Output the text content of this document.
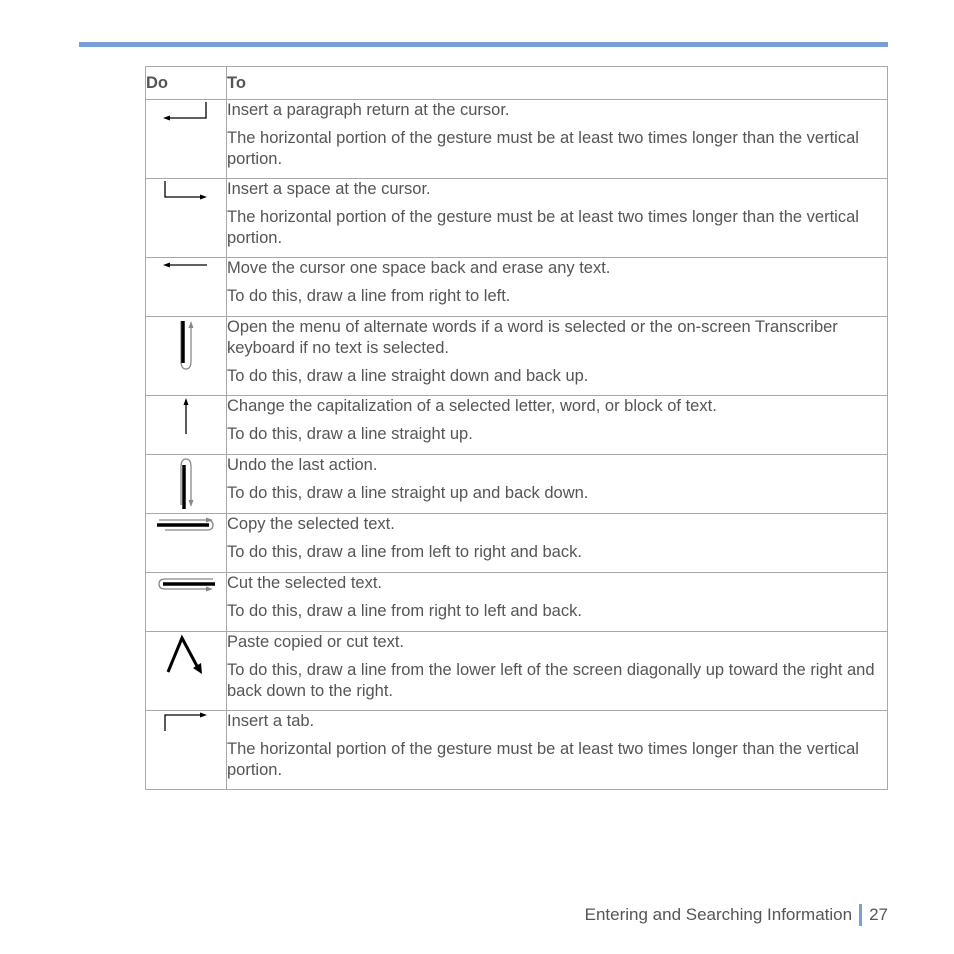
Do	To

Insert a paragraph return at the cursor.
The horizontal portion of the gesture must be at least two times longer than the vertical portion.

Insert a space at the cursor.
The horizontal portion of the gesture must be at least two times longer than the vertical portion.

Move the cursor one space back and erase any text.
To do this, draw a line from right to left.

Open the menu of alternate words if a word is selected or the on-screen Transcriber keyboard if no text is selected.
To do this, draw a line straight down and back up.

Change the capitalization of a selected letter, word, or block of text.
To do this, draw a line straight up.

Undo the last action.
To do this, draw a line straight up and back down.

Copy the selected text.
To do this, draw a line from left to right and back.

Cut the selected text.
To do this, draw a line from right to left and back.

Paste copied or cut text.
To do this, draw a line from the lower left of the screen diagonally up toward the right and back down to the right.

Insert a tab.
The horizontal portion of the gesture must be at least two times longer than the vertical portion.
Entering and Searching Information 27
